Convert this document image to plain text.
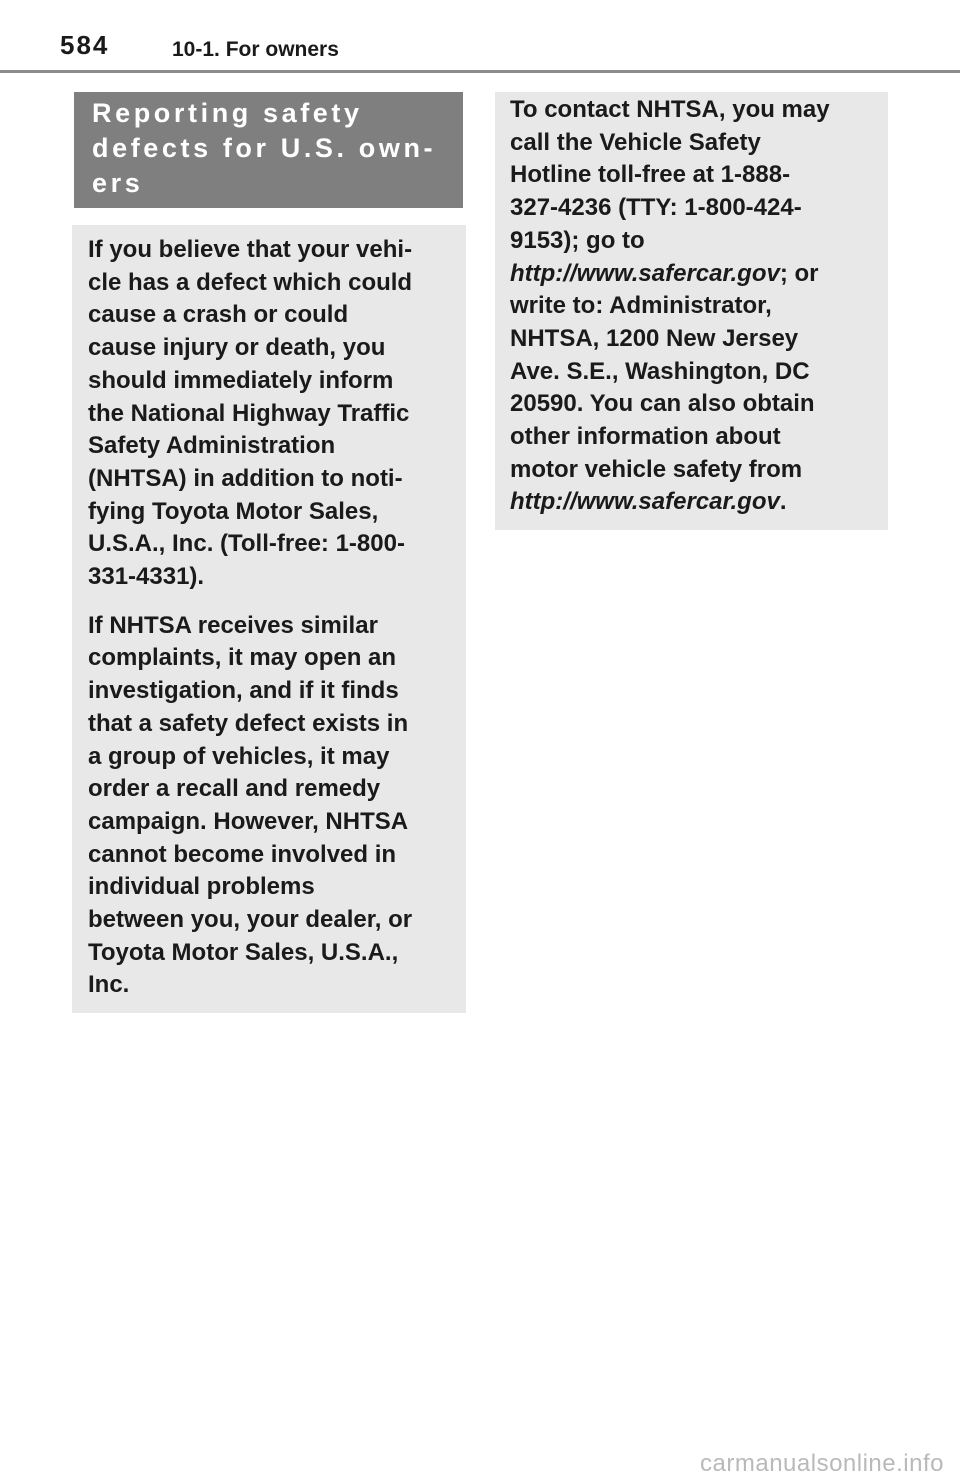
584	10-1. For owners
Reporting safety
defects for U.S. own-
ers

If you believe that your vehi-
cle has a defect which could
cause a crash or could
cause injury or death, you
should immediately inform
the National Highway Traffic
Safety Administration
(NHTSA) in addition to noti-
fying Toyota Motor Sales,
U.S.A., Inc. (Toll-free: 1-800-
331-4331).

If NHTSA receives similar
complaints, it may open an
investigation, and if it finds
that a safety defect exists in
a group of vehicles, it may
order a recall and remedy
campaign. However, NHTSA
cannot become involved in
individual problems
between you, your dealer, or
Toyota Motor Sales, U.S.A.,
Inc.

To contact NHTSA, you may
call the Vehicle Safety
Hotline toll-free at 1-888-
327-4236 (TTY: 1-800-424-
9153); go to
http://www.safercar.gov; or
write to: Administrator,
NHTSA, 1200 New Jersey
Ave. S.E., Washington, DC
20590. You can also obtain
other information about
motor vehicle safety from
http://www.safercar.gov.

carmanualsonline.info
